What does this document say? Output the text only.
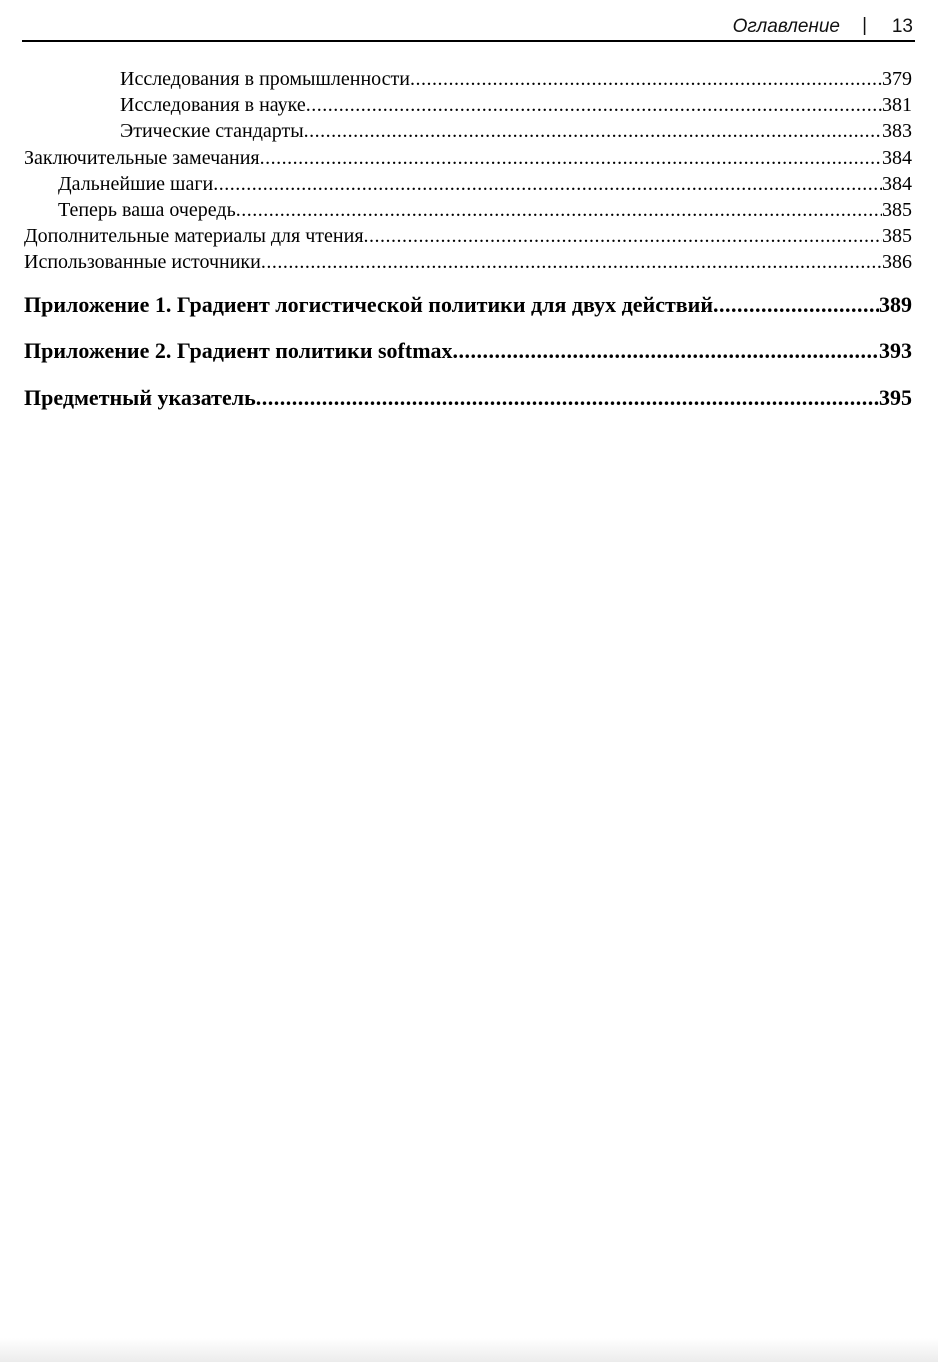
Оглавление | 13
Исследования в промышленности .....	379
Исследования в науке .....	381
Этические стандарты .....	383
Заключительные замечания .....	384
Дальнейшие шаги .....	384
Теперь ваша очередь .....	385
Дополнительные материалы для чтения .....	385
Использованные источники .....	386
Приложение 1. Градиент логистической политики для двух действий .....	389
Приложение 2. Градиент политики softmax .....	393
Предметный указатель .....	395
